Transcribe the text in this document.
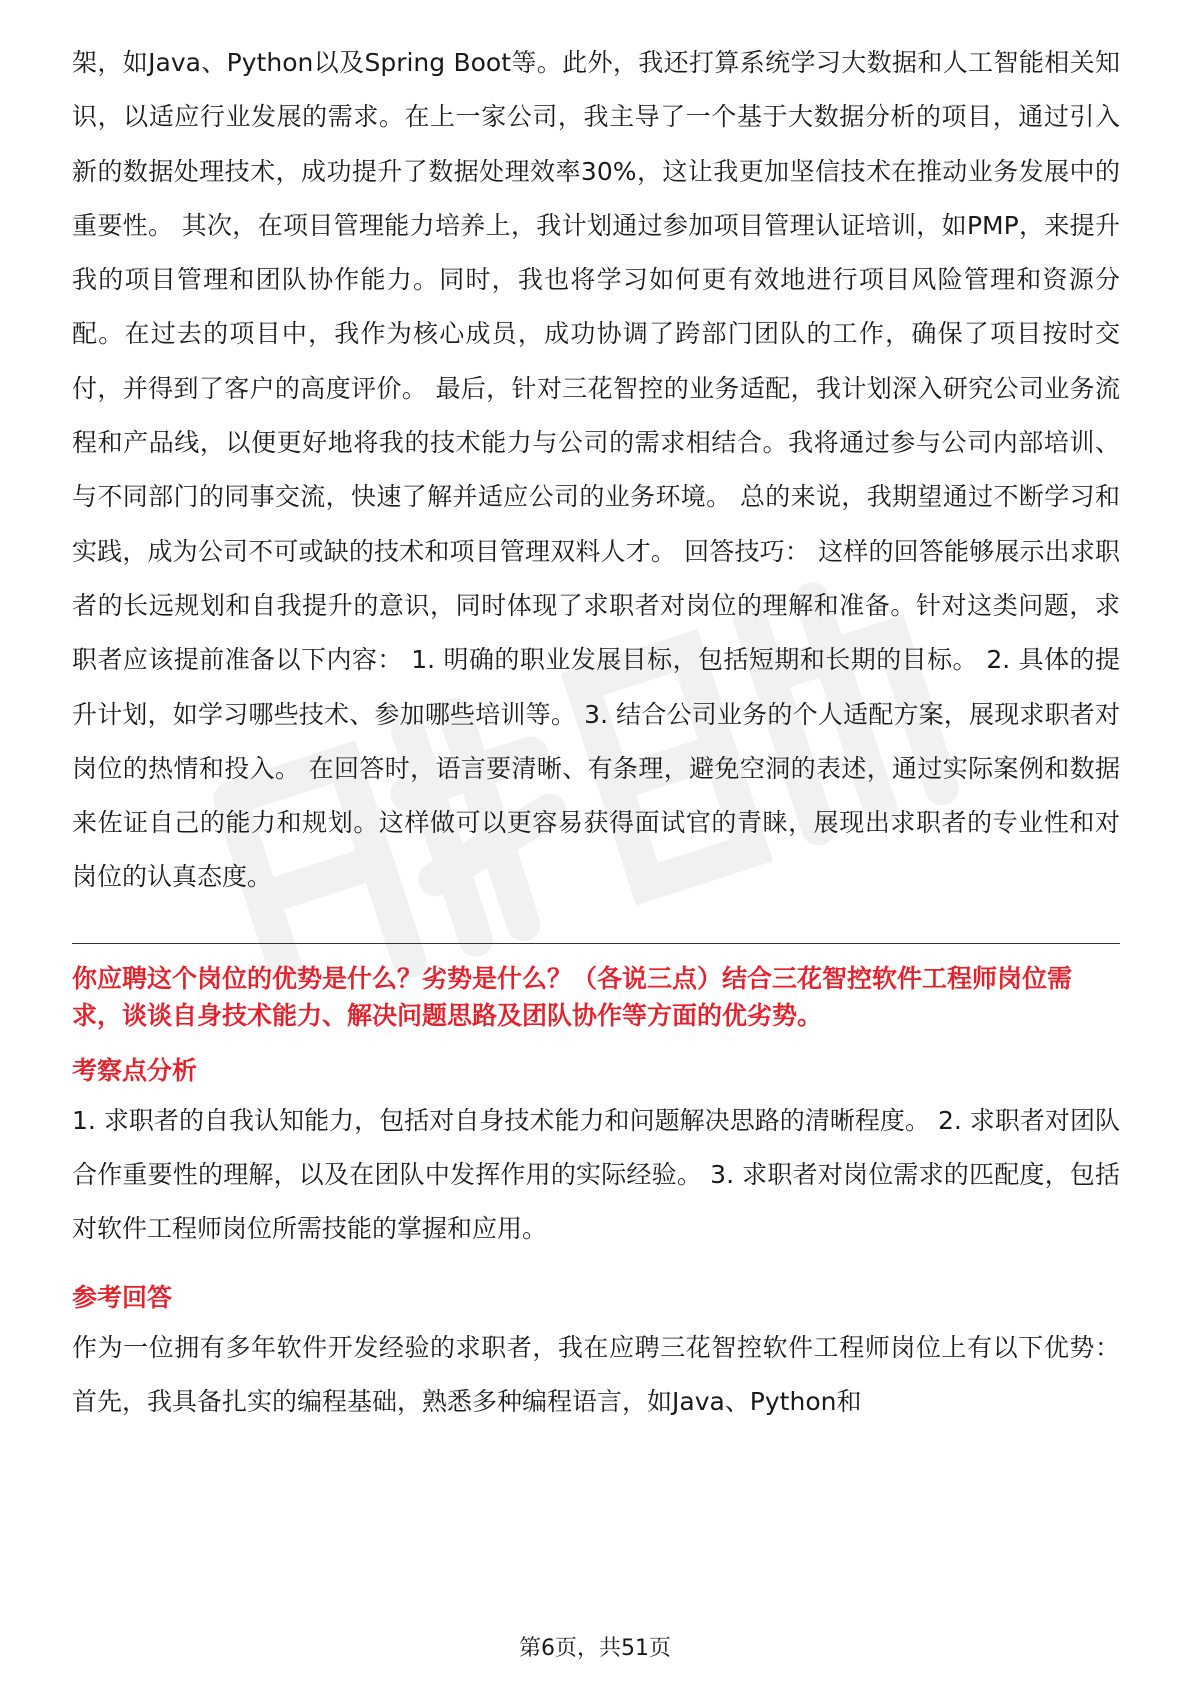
架，如Java、Python以及Spring Boot等。此外，我还打算系统学习大数据和人工智能相关知识，以适应行业发展的需求。在上一家公司，我主导了一个基于大数据分析的项目，通过引入新的数据处理技术，成功提升了数据处理效率30%，这让我更加坚信技术在推动业务发展中的重要性。 其次，在项目管理能力培养上，我计划通过参加项目管理认证培训，如PMP，来提升我的项目管理和团队协作能力。同时，我也将学习如何更有效地进行项目风险管理和资源分配。在过去的项目中，我作为核心成员，成功协调了跨部门团队的工作，确保了项目按时交付，并得到了客户的高度评价。 最后，针对三花智控的业务适配，我计划深入研究公司业务流程和产品线，以便更好地将我的技术能力与公司的需求相结合。我将通过参与公司内部培训、与不同部门的同事交流，快速了解并适应公司的业务环境。 总的来说，我期望通过不断学习和实践，成为公司不可或缺的技术和项目管理双料人才。 回答技巧： 这样的回答能够展示出求职者的长远规划和自我提升的意识，同时体现了求职者对岗位的理解和准备。针对这类问题，求职者应该提前准备以下内容： 1. 明确的职业发展目标，包括短期和长期的目标。 2. 具体的提升计划，如学习哪些技术、参加哪些培训等。 3. 结合公司业务的个人适配方案，展现求职者对岗位的热情和投入。 在回答时，语言要清晰、有条理，避免空洞的表述，通过实际案例和数据来佐证自己的能力和规划。这样做可以更容易获得面试官的青睐，展现出求职者的专业性和对岗位的认真态度。

你应聘这个岗位的优势是什么？劣势是什么？（各说三点）结合三花智控软件工程师岗位需求，谈谈自身技术能力、解决问题思路及团队协作等方面的优劣势。

考察点分析

1. 求职者的自我认知能力，包括对自身技术能力和问题解决思路的清晰程度。 2. 求职者对团队合作重要性的理解，以及在团队中发挥作用的实际经验。 3. 求职者对岗位需求的匹配度，包括对软件工程师岗位所需技能的掌握和应用。

参考回答

作为一位拥有多年软件开发经验的求职者，我在应聘三花智控软件工程师岗位上有以下优势：首先，我具备扎实的编程基础，熟悉多种编程语言，如Java、Python和

第6页，共51页
